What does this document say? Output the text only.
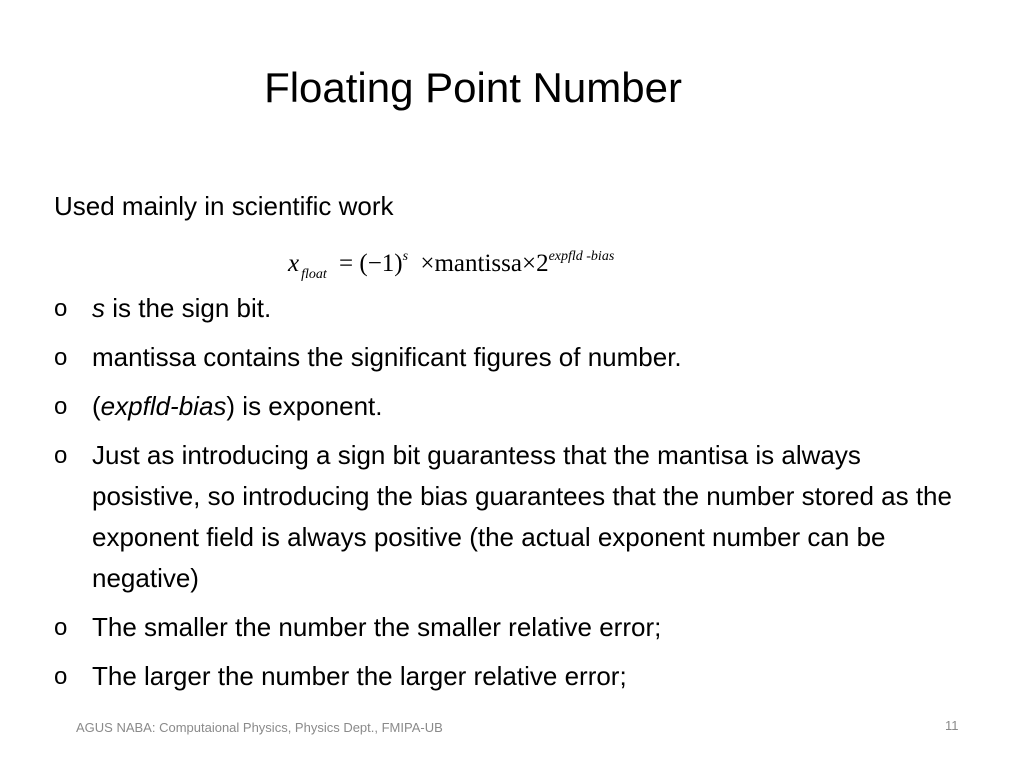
Floating Point Number
Used mainly in scientific work
x $_{float} = (-1)^s$ $\times mantissa\times 2^{expfld -bias}$
o s is the sign bit.
o mantissa contains the significant figures of number.
o (expfld-bias) is exponent.
o Just as introducing a sign bit guarantess that the mantisa is always posistive, so introducing the bias guarantees that the number stored as the exponent field is always positive (the actual exponent number can be negative)
o The smaller the number the smaller relative error;
o The larger the number the larger relative error;
AGUS NABA: Computaional Physics, Physics Dept., FMIPA-UB	11
